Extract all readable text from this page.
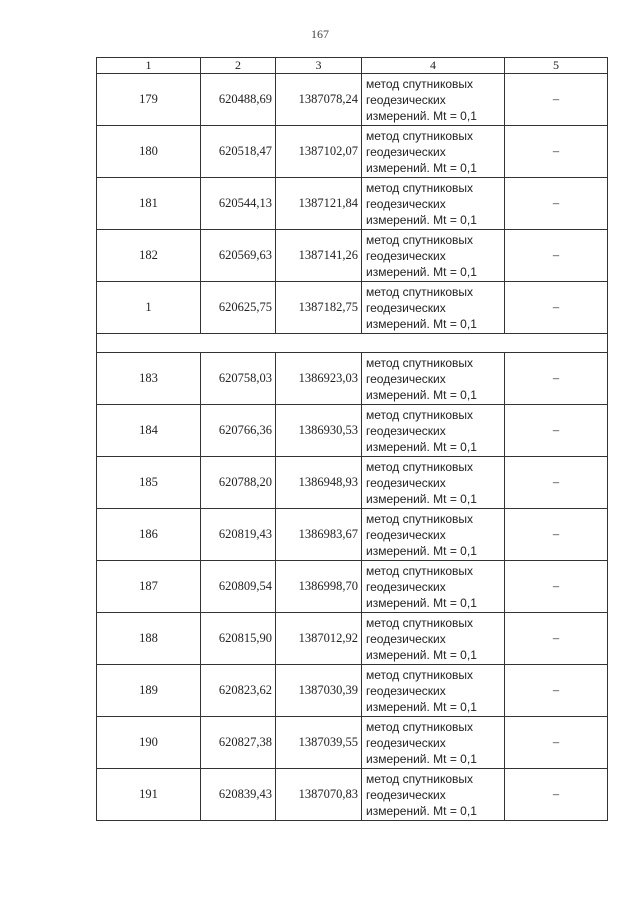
167
1	2	3	4	5
179	620488,69	1387078,24	метод спутниковых
геодезических
измерений. Mt = 0,1	–
180	620518,47	1387102,07	метод спутниковых
геодезических
измерений. Mt = 0,1	–
181	620544,13	1387121,84	метод спутниковых
геодезических
измерений. Mt = 0,1	–
182	620569,63	1387141,26	метод спутниковых
геодезических
измерений. Mt = 0,1	–
1	620625,75	1387182,75	метод спутниковых
геодезических
измерений. Mt = 0,1	–

183	620758,03	1386923,03	метод спутниковых
геодезических
измерений. Mt = 0,1	–
184	620766,36	1386930,53	метод спутниковых
геодезических
измерений. Mt = 0,1	–
185	620788,20	1386948,93	метод спутниковых
геодезических
измерений. Mt = 0,1	–
186	620819,43	1386983,67	метод спутниковых
геодезических
измерений. Mt = 0,1	–
187	620809,54	1386998,70	метод спутниковых
геодезических
измерений. Mt = 0,1	–
188	620815,90	1387012,92	метод спутниковых
геодезических
измерений. Mt = 0,1	–
189	620823,62	1387030,39	метод спутниковых
геодезических
измерений. Mt = 0,1	–
190	620827,38	1387039,55	метод спутниковых
геодезических
измерений. Mt = 0,1	–
191	620839,43	1387070,83	метод спутниковых
геодезических
измерений. Mt = 0,1	–
